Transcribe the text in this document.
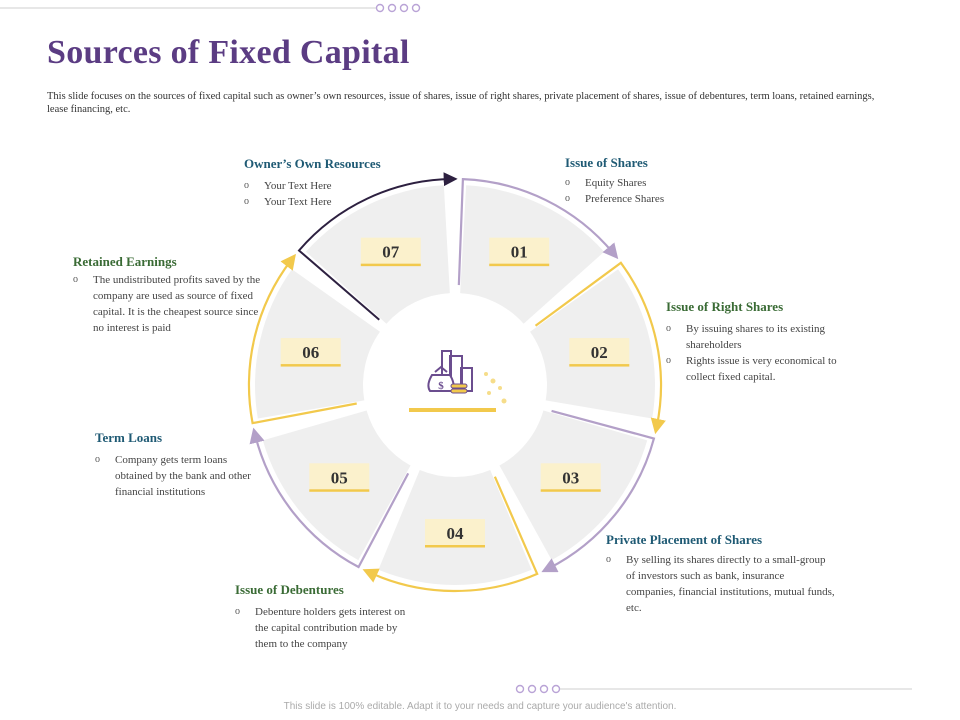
Sources of Fixed Capital
This slide focuses on the sources of fixed capital such as owner’s own resources, issue of shares, issue of right shares, private placement of shares, issue of debentures, term loans, retained earnings, lease financing, etc.
01
02
03
04
05
06
07
$
Issue of Shares
o Equity Shares
o Preference Shares
Issue of Right Shares
o By issuing shares to its existing shareholders
o Rights issue is very economical to collect fixed capital.
Private Placement of Shares
o By selling its shares directly to a small-group of investors such as bank, insurance companies, financial institutions, mutual funds, etc.
Issue of Debentures
o Debenture holders gets interest on the capital contribution made by them to the company
Term Loans
o Company gets term loans obtained by the bank and other financial institutions
Retained Earnings
o The undistributed profits saved by the company are used as source of fixed capital. It is the cheapest source since no interest is paid
Owner’s Own Resources
o Your Text Here
o Your Text Here
This slide is 100% editable. Adapt it to your needs and capture your audience's attention.
